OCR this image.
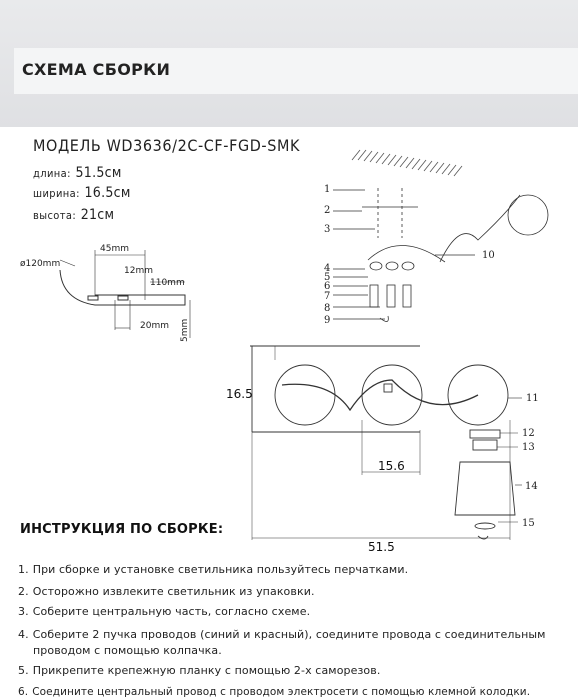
СХЕМА СБОРКИ
МОДЕЛЬ WD3636/2C-CF-FGD-SMK
длина: 51.5см
ширина: 16.5см
высота: 21см
ø120mm
45mm
12mm
110mm
20mm 5mm
1
2
3
4
5
6
7
8
9
10
16.5
15.6
51.5
11
12
13
14
15
ИНСТРУКЦИЯ ПО СБОРКЕ:
1. При сборке и установке светильника пользуйтесь перчатками.
2. Осторожно извлеките светильник из упаковки.
3. Соберите центральную часть, согласно схеме.
4. Соберите 2 пучка проводов (синий и красный), соедините провода с соединительным
проводом с помощью колпачка.
5. Прикрепите крепежную планку с помощью 2-х саморезов.
6. Соедините центральный провод с проводом электросети с помощью клемной колодки.
